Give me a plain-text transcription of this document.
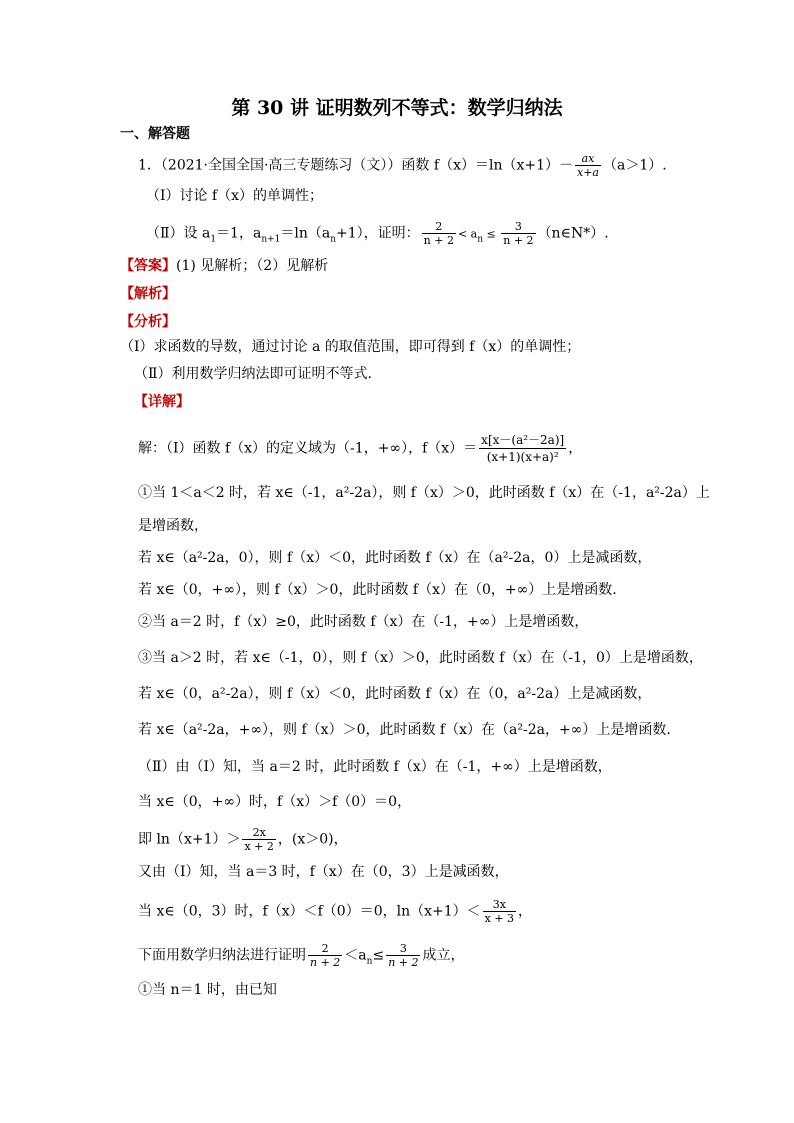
第 30 讲 证明数列不等式：数学归纳法
一、解答题
1．（2021·全国全国·高三专题练习（文））函数 $f(x)=\ln(x+1)- \frac{ax}{x+a} (a>1)$.
（Ⅰ）讨论 f（x）的单调性；
（Ⅱ）设 $a_1=1$，$a_{n+1}=\ln(a_n+1)$，证明： $\frac{2}{n + 2} < a_n \le \frac{3}{n + 2}$ （n∈N*）.
【答案】(1) 见解析；（2）见解析
【解析】
【分析】
（Ⅰ）求函数的导数，通过讨论 a 的取值范围，即可得到 f（x）的单调性；
（Ⅱ）利用数学归纳法即可证明不等式.
【详解】
解：（Ⅰ）函数 f（x）的定义域为（-1，+∞），$f(x)= \frac{\text{x[x－(a²－2a)]}}{\text{(x+1)(x+a)²}}$ ，
①当 1＜a＜2 时，若 x∈（-1，a²-2a），则 f（x）＞0，此时函数 f（x）在（-1，a²-2a）上
是增函数，
若 x∈（a²-2a，0），则 f（x）＜0，此时函数 f（x）在（a²-2a，0）上是减函数，
若 x∈（0，+∞），则 f（x）＞0，此时函数 f（x）在（0，+∞）上是增函数.
②当 a＝2 时，f（x）≥0，此时函数 f（x）在（-1，+∞）上是增函数，
③当 a＞2 时，若 x∈（-1，0），则 f（x）＞0，此时函数 f（x）在（-1，0）上是增函数，
若 x∈（0，a²-2a），则 f（x）＜0，此时函数 f（x）在（0，a²-2a）上是减函数，
若 x∈（a²-2a，+∞），则 f（x）＞0，此时函数 f（x）在（a²-2a，+∞）上是增函数.
（Ⅱ）由（Ⅰ）知，当 a＝2 时，此时函数 f（x）在（-1，+∞）上是增函数，
当 x∈（0，+∞）时，f（x）＞f（0）＝0，
即 $\ln(x+1)> \frac{2x}{x + 2}$ ，(x＞0)，
又由（Ⅰ）知，当 a＝3 时，f（x）在（0，3）上是减函数，
当 x∈（0，3）时，f（x）＜f（0）＝0，$\ln(x+1)< \frac{3x}{x + 3}$ ，
下面用数学归纳法进行证明 $\frac{2}{n + 2} <a_n\le \frac{3}{n + 2}$ 成立，
①当 n＝1 时，由已知
